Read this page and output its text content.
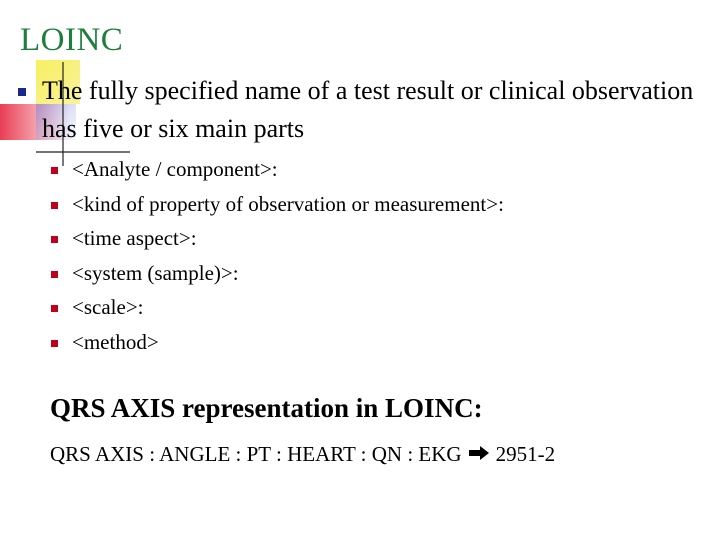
LOINC
The fully specified name of a test result or clinical observation has five or six main parts
<Analyte / component>:
<kind of property of observation or measurement>:
<time aspect>:
<system (sample)>:
<scale>:
<method>
QRS AXIS representation in LOINC:
QRS AXIS : ANGLE : PT : HEART : QN : EKG 2951-2
